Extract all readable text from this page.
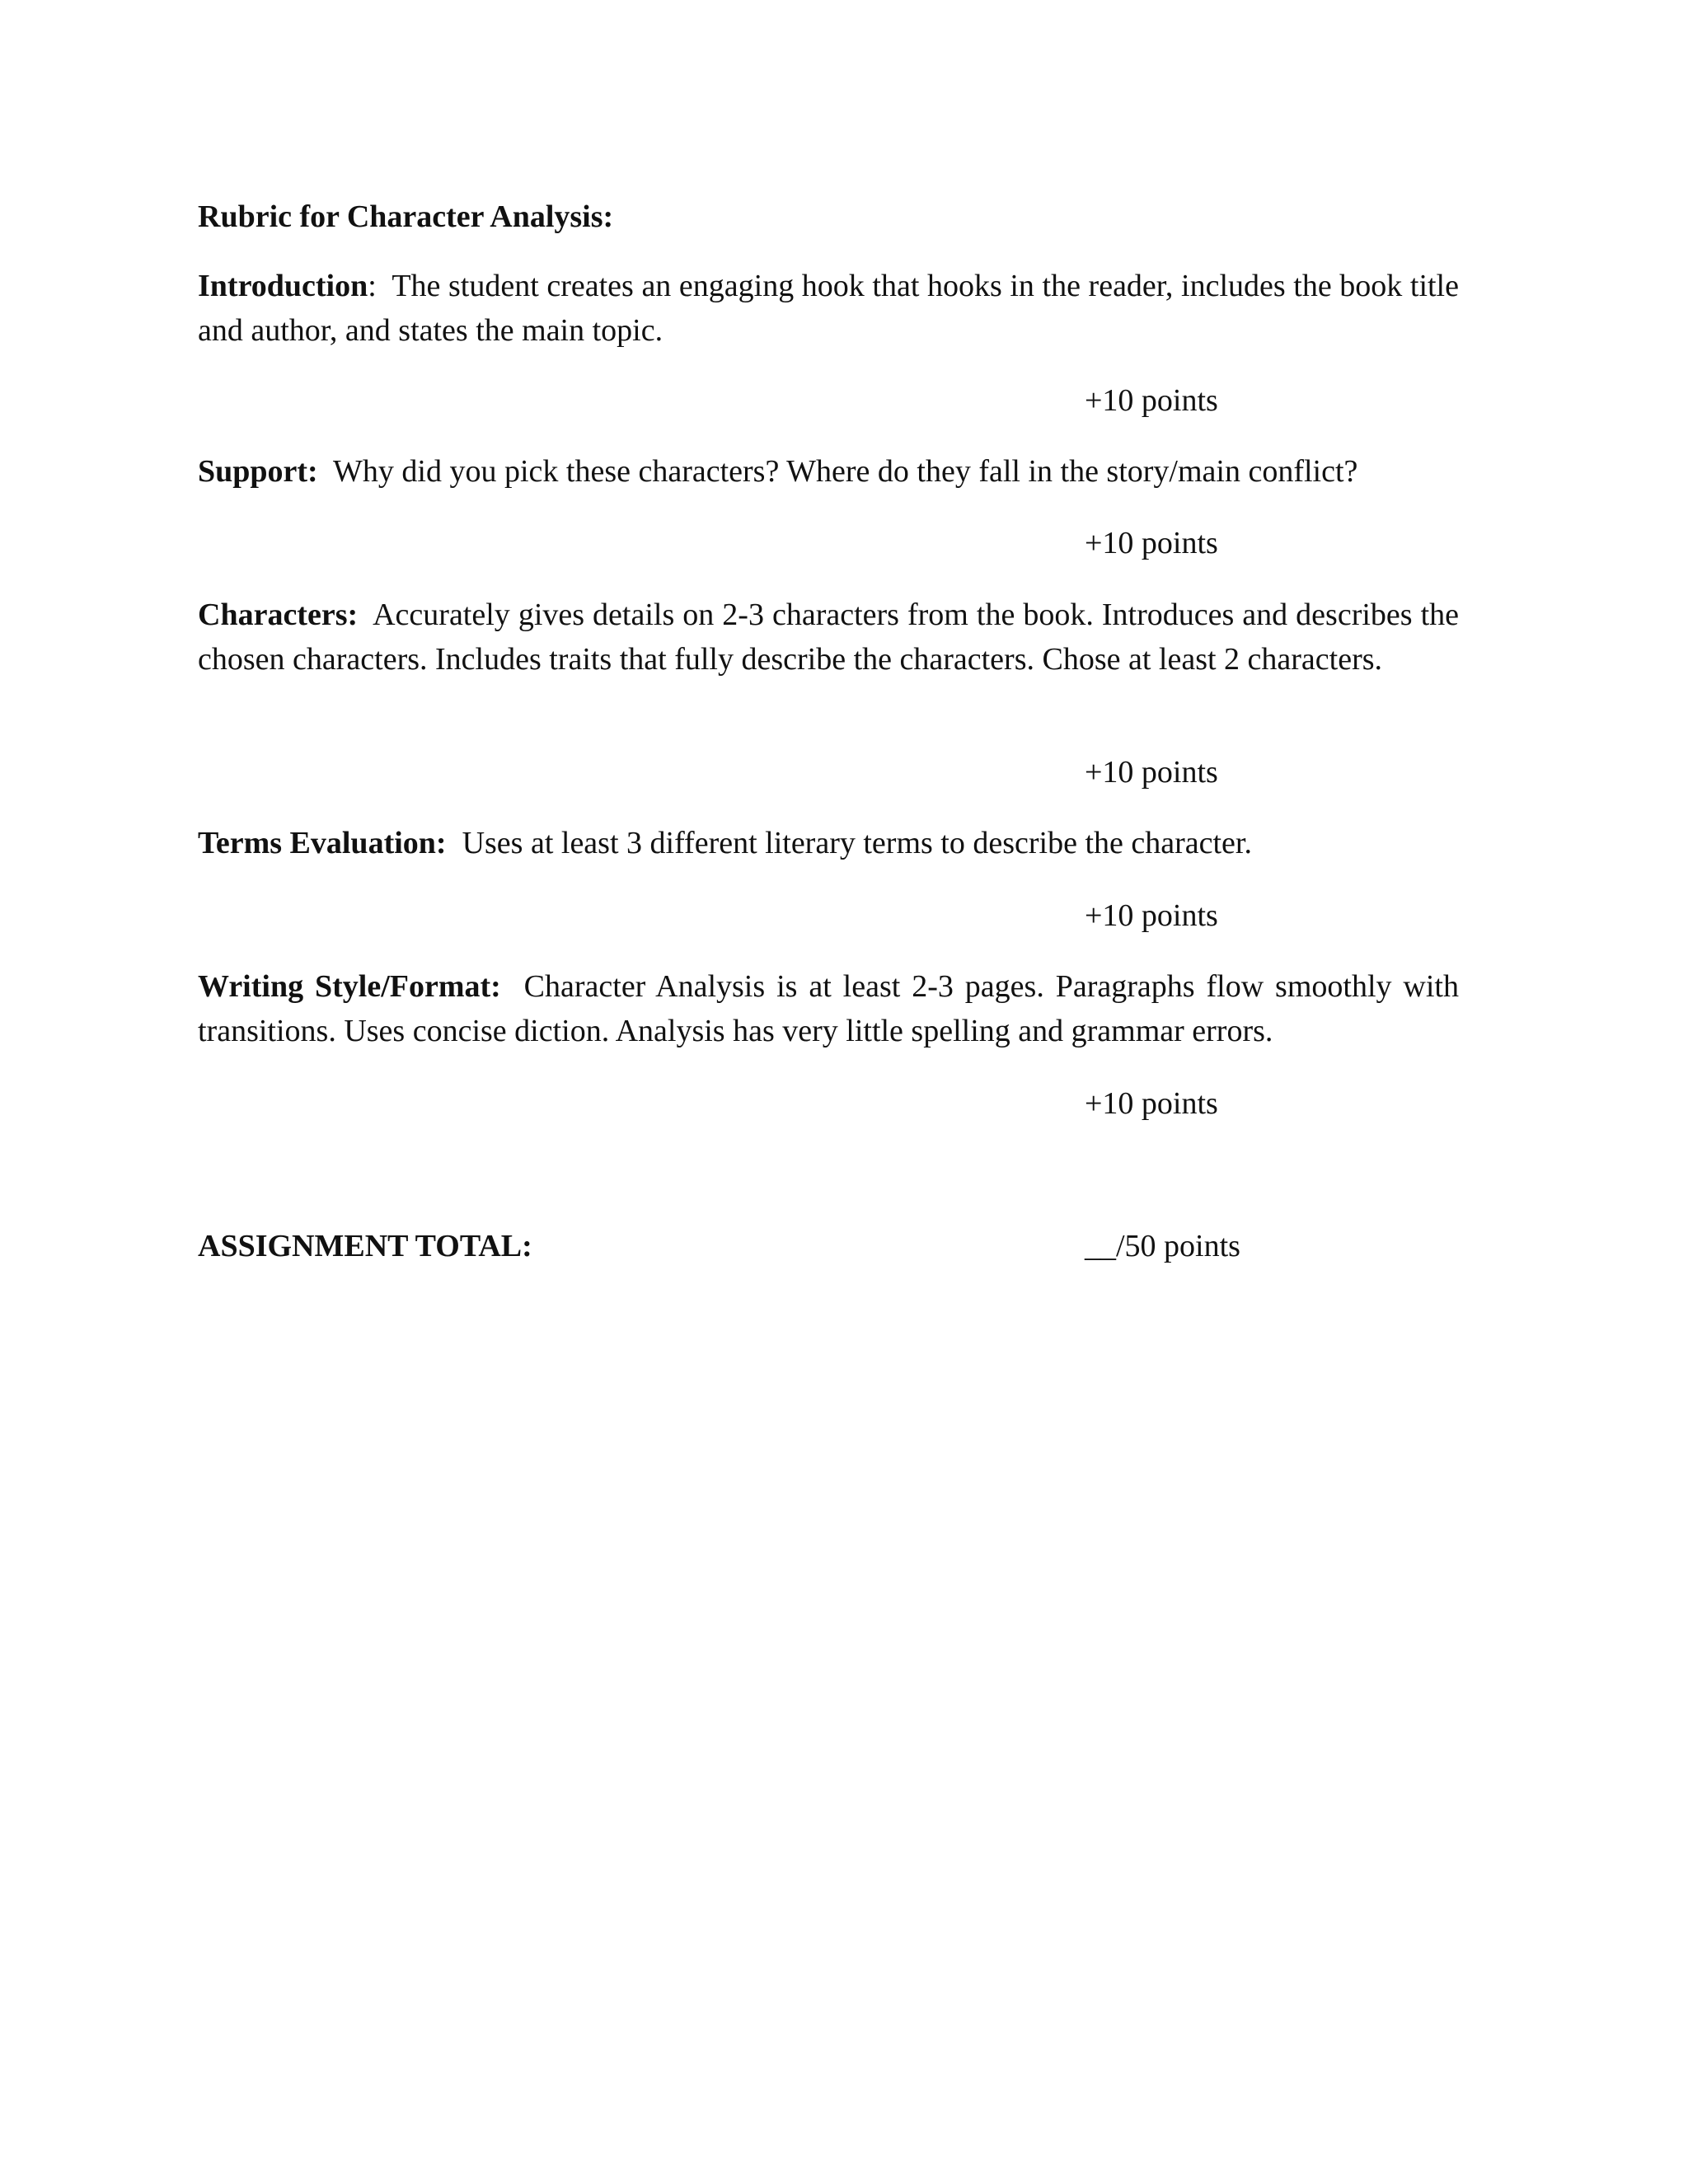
Rubric for Character Analysis:
Introduction: The student creates an engaging hook that hooks in the reader, includes the book title and author, and states the main topic.
+10 points
Support: Why did you pick these characters? Where do they fall in the story/main conflict?
+10 points
Characters: Accurately gives details on 2-3 characters from the book. Introduces and describes the chosen characters. Includes traits that fully describe the characters. Chose at least 2 characters.
+10 points
Terms Evaluation: Uses at least 3 different literary terms to describe the character.
+10 points
Writing Style/Format: Character Analysis is at least 2-3 pages. Paragraphs flow smoothly with transitions. Uses concise diction. Analysis has very little spelling and grammar errors.
+10 points
ASSIGNMENT TOTAL:	__/50 points
